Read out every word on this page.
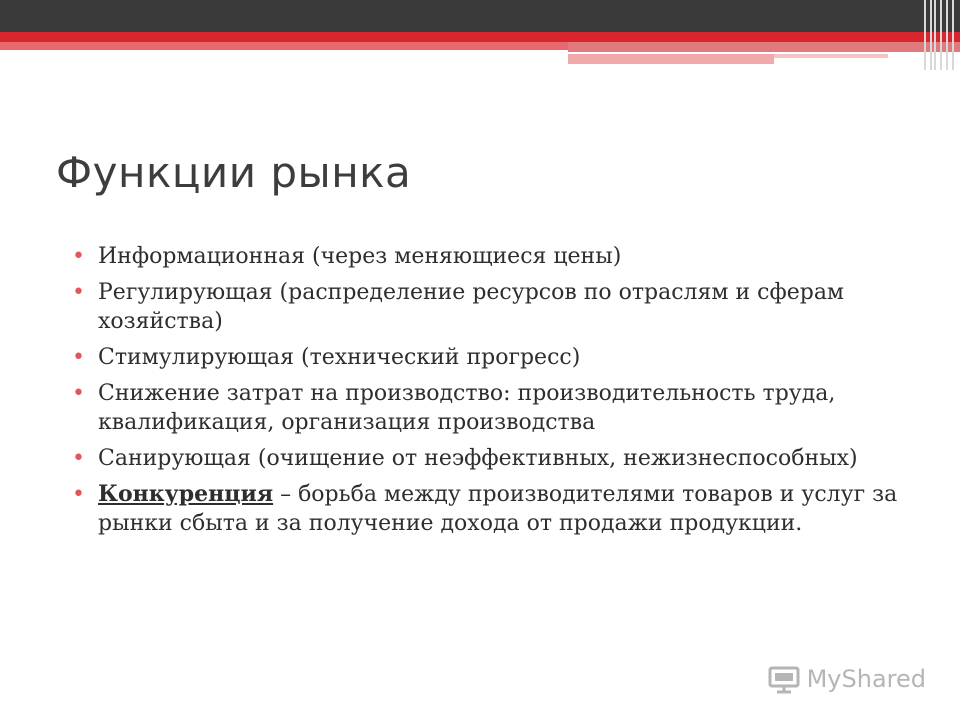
Функции рынка
• Информационная (через меняющиеся цены)
• Регулирующая (распределение ресурсов по отраслям и сферам хозяйства)
• Стимулирующая (технический прогресс)
• Снижение затрат на производство: производительность труда, квалификация, организация производства
• Санирующая (очищение от неэффективных, нежизнеспособных)
• Конкуренция – борьба между производителями товаров и услуг за рынки сбыта и за получение дохода от продажи продукции.
MyShared
